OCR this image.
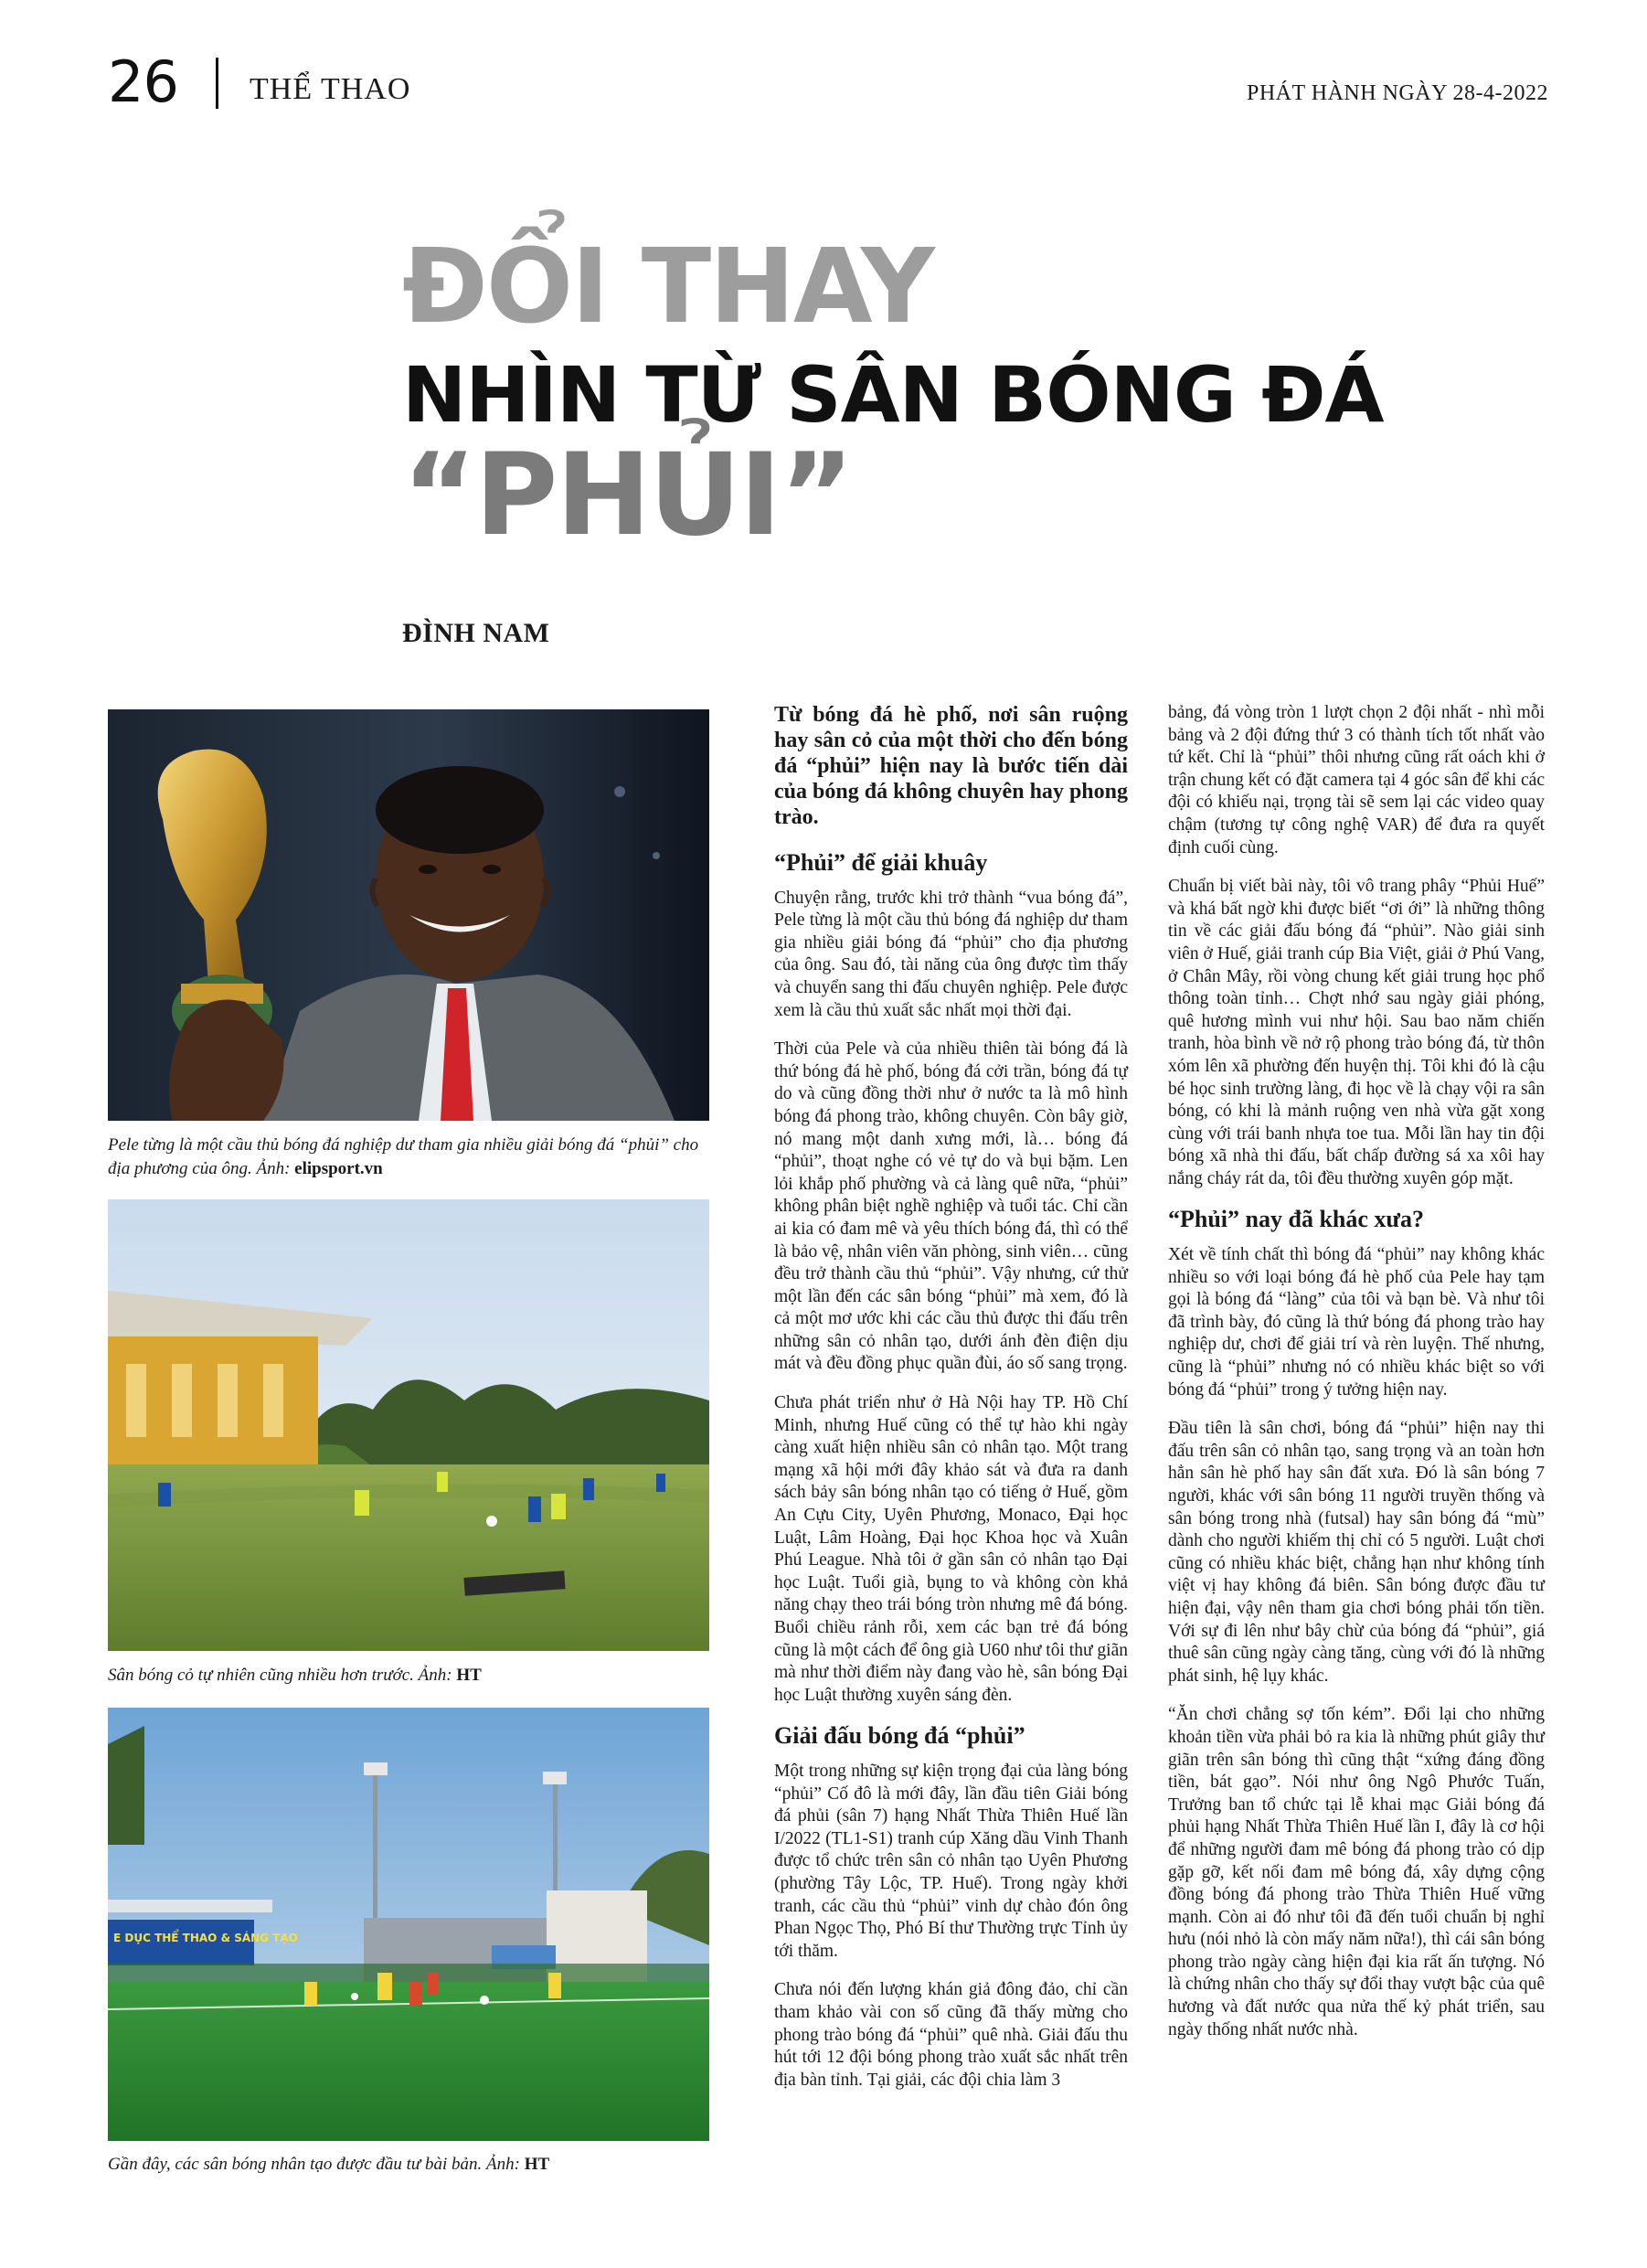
26 THỂ THAO	PHÁT HÀNH NGÀY 28-4-2022
ĐỔI THAY
NHÌN TỪ SÂN BÓNG ĐÁ
“PHỦI”
ĐÌNH NAM
Pele từng là một cầu thủ bóng đá nghiệp dư tham gia nhiều giải bóng đá “phủi” cho địa phương của ông. Ảnh: elipsport.vn
Sân bóng cỏ tự nhiên cũng nhiều hơn trước. Ảnh: HT
E DỤC THỂ THAO & SÁNG TẠO
Gần đây, các sân bóng nhân tạo được đầu tư bài bản. Ảnh: HT

Từ bóng đá hè phố, nơi sân ruộng hay sân cỏ của một thời cho đến bóng đá “phủi” hiện nay là bước tiến dài của bóng đá không chuyên hay phong trào.

“Phủi” để giải khuây

Chuyện rằng, trước khi trở thành “vua bóng đá”, Pele từng là một cầu thủ bóng đá nghiệp dư tham gia nhiều giải bóng đá “phủi” cho địa phương của ông. Sau đó, tài năng của ông được tìm thấy và chuyển sang thi đấu chuyên nghiệp. Pele được xem là cầu thủ xuất sắc nhất mọi thời đại.

Thời của Pele và của nhiều thiên tài bóng đá là thứ bóng đá hè phố, bóng đá cởi trần, bóng đá tự do và cũng đồng thời như ở nước ta là mô hình bóng đá phong trào, không chuyên. Còn bây giờ, nó mang một danh xưng mới, là… bóng đá “phủi”, thoạt nghe có vẻ tự do và bụi bặm. Len lỏi khắp phố phường và cả làng quê nữa, “phủi” không phân biệt nghề nghiệp và tuổi tác. Chỉ cần ai kia có đam mê và yêu thích bóng đá, thì có thể là bảo vệ, nhân viên văn phòng, sinh viên… cũng đều trở thành cầu thủ “phủi”. Vậy nhưng, cứ thử một lần đến các sân bóng “phủi” mà xem, đó là cả một mơ ước khi các cầu thủ được thi đấu trên những sân cỏ nhân tạo, dưới ánh đèn điện dịu mát và đều đồng phục quần đùi, áo số sang trọng.

Chưa phát triển như ở Hà Nội hay TP. Hồ Chí Minh, nhưng Huế cũng có thể tự hào khi ngày càng xuất hiện nhiều sân cỏ nhân tạo. Một trang mạng xã hội mới đây khảo sát và đưa ra danh sách bảy sân bóng nhân tạo có tiếng ở Huế, gồm An Cựu City, Uyên Phương, Monaco, Đại học Luật, Lâm Hoàng, Đại học Khoa học và Xuân Phú League. Nhà tôi ở gần sân cỏ nhân tạo Đại học Luật. Tuổi già, bụng to và không còn khả năng chạy theo trái bóng tròn nhưng mê đá bóng. Buổi chiều rảnh rỗi, xem các bạn trẻ đá bóng cũng là một cách để ông già U60 như tôi thư giãn mà như thời điểm này đang vào hè, sân bóng Đại học Luật thường xuyên sáng đèn.

Giải đấu bóng đá “phủi”

Một trong những sự kiện trọng đại của làng bóng “phủi” Cố đô là mới đây, lần đầu tiên Giải bóng đá phủi (sân 7) hạng Nhất Thừa Thiên Huế lần I/2022 (TL1-S1) tranh cúp Xăng dầu Vinh Thanh được tổ chức trên sân cỏ nhân tạo Uyên Phương (phường Tây Lộc, TP. Huế). Trong ngày khởi tranh, các cầu thủ “phủi” vinh dự chào đón ông Phan Ngọc Thọ, Phó Bí thư Thường trực Tỉnh ủy tới thăm.

Chưa nói đến lượng khán giả đông đảo, chỉ cần tham khảo vài con số cũng đã thấy mừng cho phong trào bóng đá “phủi” quê nhà. Giải đấu thu hút tới 12 đội bóng phong trào xuất sắc nhất trên địa bàn tỉnh. Tại giải, các đội chia làm 3

bảng, đá vòng tròn 1 lượt chọn 2 đội nhất - nhì mỗi bảng và 2 đội đứng thứ 3 có thành tích tốt nhất vào tứ kết. Chỉ là “phủi” thôi nhưng cũng rất oách khi ở trận chung kết có đặt camera tại 4 góc sân để khi các đội có khiếu nại, trọng tài sẽ sem lại các video quay chậm (tương tự công nghệ VAR) để đưa ra quyết định cuối cùng.

Chuẩn bị viết bài này, tôi vô trang phây “Phủi Huế” và khá bất ngờ khi được biết “ơi ới” là những thông tin về các giải đấu bóng đá “phủi”. Nào giải sinh viên ở Huế, giải tranh cúp Bia Việt, giải ở Phú Vang, ở Chân Mây, rồi vòng chung kết giải trung học phổ thông toàn tỉnh… Chợt nhớ sau ngày giải phóng, quê hương mình vui như hội. Sau bao năm chiến tranh, hòa bình về nở rộ phong trào bóng đá, từ thôn xóm lên xã phường đến huyện thị. Tôi khi đó là cậu bé học sinh trường làng, đi học về là chạy vội ra sân bóng, có khi là mảnh ruộng ven nhà vừa gặt xong cùng với trái banh nhựa toe tua. Mỗi lần hay tin đội bóng xã nhà thi đấu, bất chấp đường sá xa xôi hay nắng cháy rát da, tôi đều thường xuyên góp mặt.

“Phủi” nay đã khác xưa?

Xét về tính chất thì bóng đá “phủi” nay không khác nhiều so với loại bóng đá hè phố của Pele hay tạm gọi là bóng đá “làng” của tôi và bạn bè. Và như tôi đã trình bày, đó cũng là thứ bóng đá phong trào hay nghiệp dư, chơi để giải trí và rèn luyện. Thế nhưng, cũng là “phủi” nhưng nó có nhiều khác biệt so với bóng đá “phủi” trong ý tưởng hiện nay.

Đầu tiên là sân chơi, bóng đá “phủi” hiện nay thi đấu trên sân cỏ nhân tạo, sang trọng và an toàn hơn hẳn sân hè phố hay sân đất xưa. Đó là sân bóng 7 người, khác với sân bóng 11 người truyền thống và sân bóng trong nhà (futsal) hay sân bóng đá “mù” dành cho người khiếm thị chỉ có 5 người. Luật chơi cũng có nhiều khác biệt, chẳng hạn như không tính việt vị hay không đá biên. Sân bóng được đầu tư hiện đại, vậy nên tham gia chơi bóng phải tốn tiền. Với sự đi lên như bây chừ của bóng đá “phủi”, giá thuê sân cũng ngày càng tăng, cùng với đó là những phát sinh, hệ lụy khác.

“Ăn chơi chẳng sợ tốn kém”. Đổi lại cho những khoản tiền vừa phải bỏ ra kia là những phút giây thư giãn trên sân bóng thì cũng thật “xứng đáng đồng tiền, bát gạo”. Nói như ông Ngô Phước Tuấn, Trưởng ban tổ chức tại lễ khai mạc Giải bóng đá phủi hạng Nhất Thừa Thiên Huế lần I, đây là cơ hội để những người đam mê bóng đá phong trào có dịp gặp gỡ, kết nối đam mê bóng đá, xây dựng cộng đồng bóng đá phong trào Thừa Thiên Huế vững mạnh. Còn ai đó như tôi đã đến tuổi chuẩn bị nghỉ hưu (nói nhỏ là còn mấy năm nữa!), thì cái sân bóng phong trào ngày càng hiện đại kia rất ấn tượng. Nó là chứng nhân cho thấy sự đổi thay vượt bậc của quê hương và đất nước qua nửa thế kỷ phát triển, sau ngày thống nhất nước nhà.
